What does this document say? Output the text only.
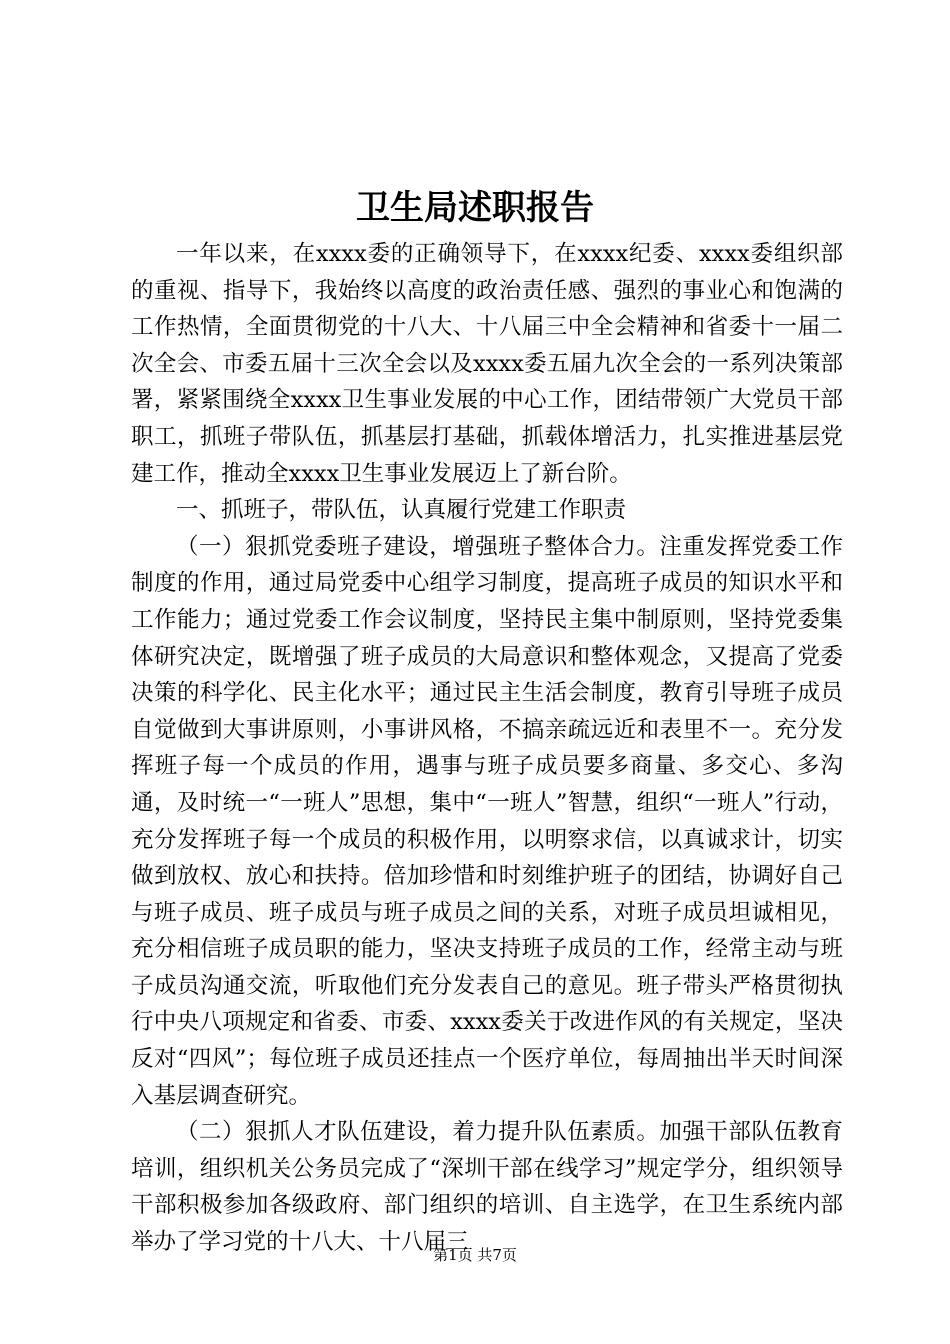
卫生局述职报告

一年以来，在xxxx委的正确领导下，在xxxx纪委、xxxx委组织部的重视、指导下，我始终以高度的政治责任感、强烈的事业心和饱满的工作热情，全面贯彻党的十八大、十八届三中全会精神和省委十一届二次全会、市委五届十三次全会以及xxxx委五届九次全会的一系列决策部署，紧紧围绕全xxxx卫生事业发展的中心工作，团结带领广大党员干部职工，抓班子带队伍，抓基层打基础，抓载体增活力，扎实推进基层党建工作，推动全xxxx卫生事业发展迈上了新台阶。

一、抓班子，带队伍，认真履行党建工作职责

（一）狠抓党委班子建设，增强班子整体合力。注重发挥党委工作制度的作用，通过局党委中心组学习制度，提高班子成员的知识水平和工作能力；通过党委工作会议制度，坚持民主集中制原则，坚持党委集体研究决定，既增强了班子成员的大局意识和整体观念，又提高了党委决策的科学化、民主化水平；通过民主生活会制度，教育引导班子成员自觉做到大事讲原则，小事讲风格，不搞亲疏远近和表里不一。充分发挥班子每一个成员的作用，遇事与班子成员要多商量、多交心、多沟通，及时统一“一班人”思想，集中“一班人”智慧，组织“一班人”行动，充分发挥班子每一个成员的积极作用，以明察求信，以真诚求计，切实做到放权、放心和扶持。倍加珍惜和时刻维护班子的团结，协调好自己与班子成员、班子成员与班子成员之间的关系，对班子成员坦诚相见，充分相信班子成员职的能力，坚决支持班子成员的工作，经常主动与班子成员沟通交流，听取他们充分发表自己的意见。班子带头严格贯彻执行中央八项规定和省委、市委、xxxx委关于改进作风的有关规定，坚决反对“四风”；每位班子成员还挂点一个医疗单位，每周抽出半天时间深入基层调查研究。

（二）狠抓人才队伍建设，着力提升队伍素质。加强干部队伍教育培训，组织机关公务员完成了“深圳干部在线学习”规定学分，组织领导干部积极参加各级政府、部门组织的培训、自主选学，在卫生系统内部举办了学习党的十八大、十八届三

第1页 共7页
